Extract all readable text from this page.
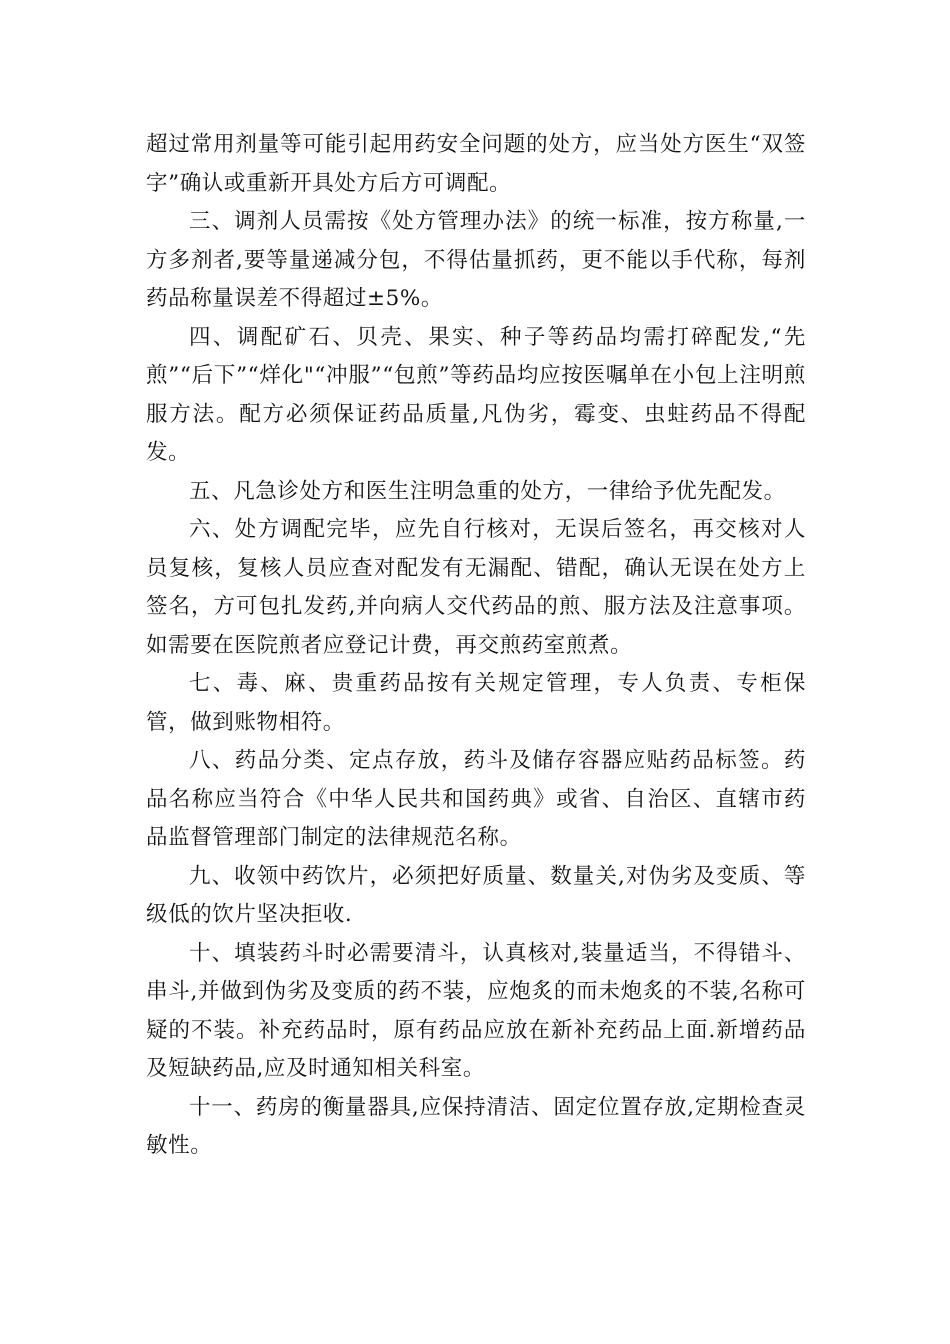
超过常用剂量等可能引起用药安全问题的处方，应当处方医生“双签字”确认或重新开具处方后方可调配。

三、调剂人员需按《处方管理办法》的统一标准，按方称量,一方多剂者,要等量递减分包，不得估量抓药，更不能以手代称，每剂药品称量误差不得超过±5%。

四、调配矿石、贝壳、果实、种子等药品均需打碎配发,“先煎”“后下”“烊化"“冲服”“包煎”等药品均应按医嘱单在小包上注明煎服方法。配方必须保证药品质量,凡伪劣，霉变、虫蛀药品不得配发。

五、凡急诊处方和医生注明急重的处方，一律给予优先配发。

六、处方调配完毕，应先自行核对，无误后签名，再交核对人员复核，复核人员应查对配发有无漏配、错配，确认无误在处方上签名，方可包扎发药,并向病人交代药品的煎、服方法及注意事项。如需要在医院煎者应登记计费，再交煎药室煎煮。

七、毒、麻、贵重药品按有关规定管理，专人负责、专柜保管，做到账物相符。

八、药品分类、定点存放，药斗及储存容器应贴药品标签。药品名称应当符合《中华人民共和国药典》或省、自治区、直辖市药品监督管理部门制定的法律规范名称。

九、收领中药饮片，必须把好质量、数量关,对伪劣及变质、等级低的饮片坚决拒收.

十、填装药斗时必需要清斗，认真核对,装量适当，不得错斗、串斗,并做到伪劣及变质的药不装，应炮炙的而未炮炙的不装,名称可疑的不装。补充药品时，原有药品应放在新补充药品上面.新增药品及短缺药品,应及时通知相关科室。

十一、药房的衡量器具,应保持清洁、固定位置存放,定期检查灵敏性。
